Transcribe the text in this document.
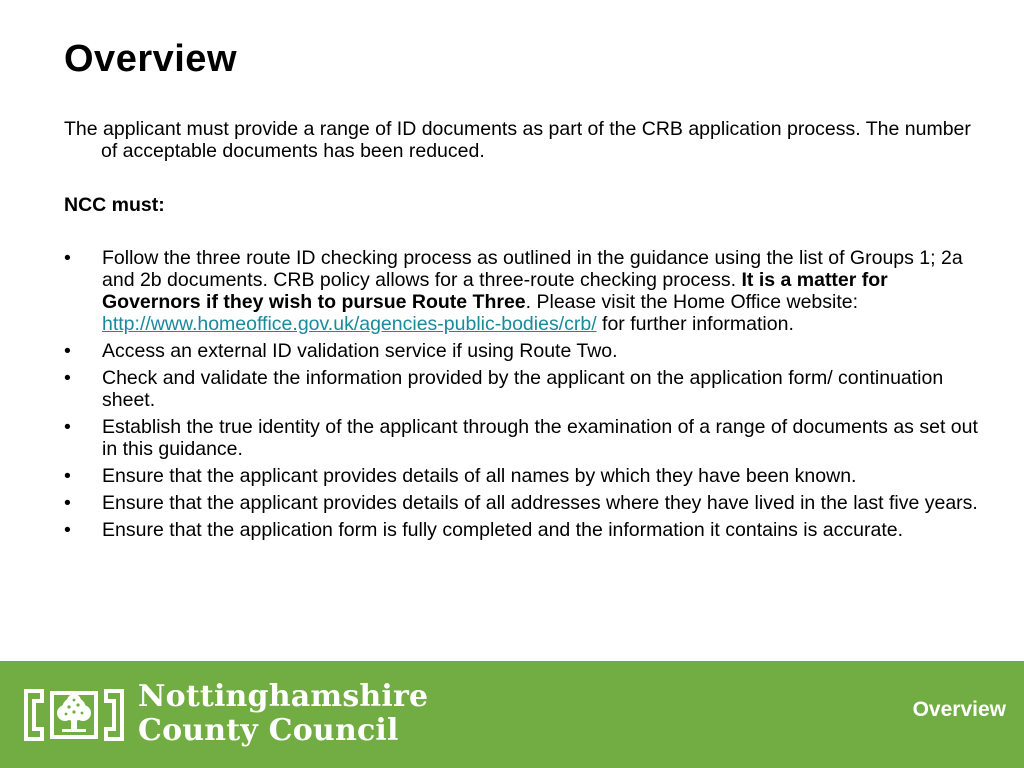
Overview

The applicant must provide a range of ID documents as part of the CRB application process. The number of acceptable documents has been reduced.

NCC must:

• Follow the three route ID checking process as outlined in the guidance using the list of Groups 1; 2a and 2b documents. CRB policy allows for a three-route checking process. It is a matter for Governors if they wish to pursue Route Three. Please visit the Home Office website: http://www.homeoffice.gov.uk/agencies-public-bodies/crb/ for further information.
• Access an external ID validation service if using Route Two.
• Check and validate the information provided by the applicant on the application form/ continuation sheet.
• Establish the true identity of the applicant through the examination of a range of documents as set out in this guidance.
• Ensure that the applicant provides details of all names by which they have been known.
• Ensure that the applicant provides details of all addresses where they have lived in the last five years.
• Ensure that the application form is fully completed and the information it contains is accurate.
Nottinghamshire
County Council
Overview
